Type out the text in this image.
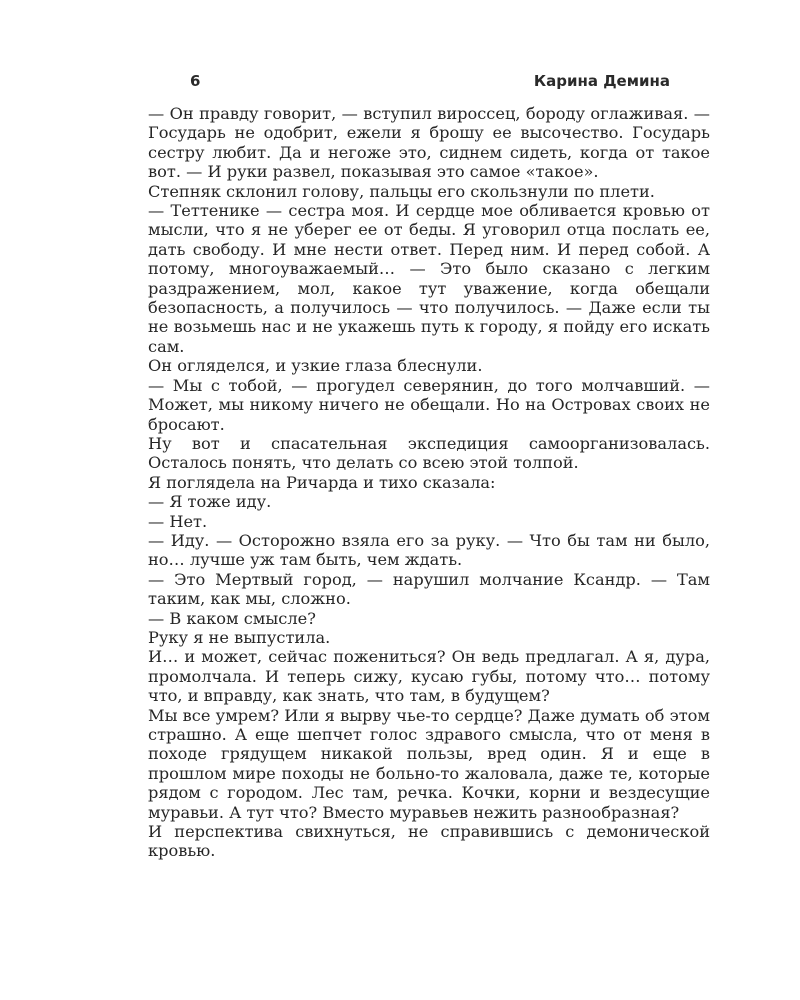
6	Карина Демина

— Он правду говорит, — вступил вироссец, бороду оглаживая. — Государь не одобрит, ежели я брошу ее высочество. Государь сестру любит. Да и негоже это, сиднем сидеть, когда от такое вот. — И руки развел, показывая это самое «такое».

Степняк склонил голову, пальцы его скользнули по плети.

— Теттенике — сестра моя. И сердце мое обливается кровью от мысли, что я не уберег ее от беды. Я уговорил отца послать ее, дать свободу. И мне нести ответ. Перед ним. И перед собой. А потому, многоуважаемый… — Это было сказано с легким раздражением, мол, какое тут уважение, когда обещали безопасность, а получилось — что получилось. — Даже если ты не возьмешь нас и не укажешь путь к городу, я пойду его искать сам.

Он огляделся, и узкие глаза блеснули.

— Мы с тобой, — прогудел северянин, до того молчавший. — Может, мы никому ничего не обещали. Но на Островах своих не бросают.

Ну вот и спасательная экспедиция самоорганизовалась. Осталось понять, что делать со всею этой толпой.

Я поглядела на Ричарда и тихо сказала:

— Я тоже иду.

— Нет.

— Иду. — Осторожно взяла его за руку. — Что бы там ни было, но… лучше уж там быть, чем ждать.

— Это Мертвый город, — нарушил молчание Ксандр. — Там таким, как мы, сложно.

— В каком смысле?

Руку я не выпустила.

И… и может, сейчас пожениться? Он ведь предлагал. А я, дура, промолчала. И теперь сижу, кусаю губы, потому что… потому что, и вправду, как знать, что там, в будущем?

Мы все умрем? Или я вырву чье-то сердце? Даже думать об этом страшно. А еще шепчет голос здравого смысла, что от меня в походе грядущем никакой пользы, вред один. Я и еще в прошлом мире походы не больно-то жаловала, даже те, которые рядом с городом. Лес там, речка. Кочки, корни и вездесущие муравьи. А тут что? Вместо муравьев нежить разнообразная?

И перспектива свихнуться, не справившись с демонической кровью.
